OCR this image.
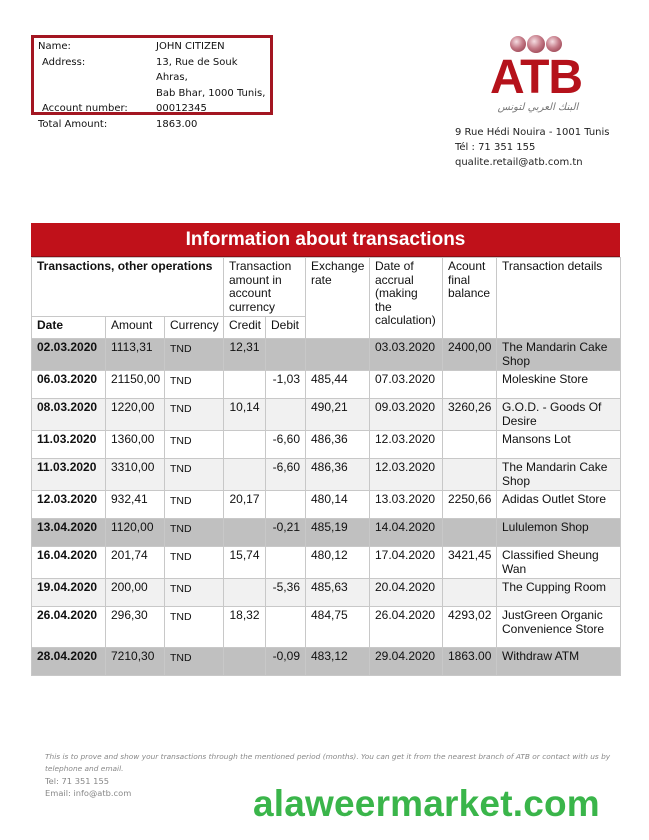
Name:	JOHN CITIZEN
Address:	13, Rue de Souk Ahras,
Bab Bhar, 1000 Tunis,
Account number:	00012345
Total Amount:	1863.00
ATB
البنك العربي لتونس
9 Rue Hédi Nouira - 1001 Tunis
Tél : 71 351 155
qualite.retail@atb.com.tn
Information about transactions
Transactions, other operations			Transaction amount in account currency		Exchange rate	Date of accrual (making the calculation)	Acount final balance	Transaction details
Date	Amount	Currency	Credit	Debit				
02.03.2020	1113,31	TND	12,31			03.03.2020	2400,00	The Mandarin Cake Shop
06.03.2020	21150,00	TND		-1,03	485,44	07.03.2020		Moleskine Store
08.03.2020	1220,00	TND	10,14		490,21	09.03.2020	3260,26	G.O.D. - Goods Of Desire
11.03.2020	1360,00	TND		-6,60	486,36	12.03.2020		Mansons Lot
11.03.2020	3310,00	TND		-6,60	486,36	12.03.2020		The Mandarin Cake Shop
12.03.2020	932,41	TND	20,17		480,14	13.03.2020	2250,66	Adidas Outlet Store
13.04.2020	1120,00	TND		-0,21	485,19	14.04.2020		Lululemon Shop
16.04.2020	201,74	TND	15,74		480,12	17.04.2020	3421,45	Classified Sheung Wan
19.04.2020	200,00	TND		-5,36	485,63	20.04.2020		The Cupping Room
26.04.2020	296,30	TND	18,32		484,75	26.04.2020	4293,02	JustGreen Organic Convenience Store
28.04.2020	7210,30	TND		-0,09	483,12	29.04.2020	1863.00	Withdraw ATM
This is to prove and show your transactions through the mentioned period (months). You can get it from the nearest branch of ATB or contact with us by telephone and email.
Tel: 71 351 155
Email: info@atb.com	alaweermarket.com
